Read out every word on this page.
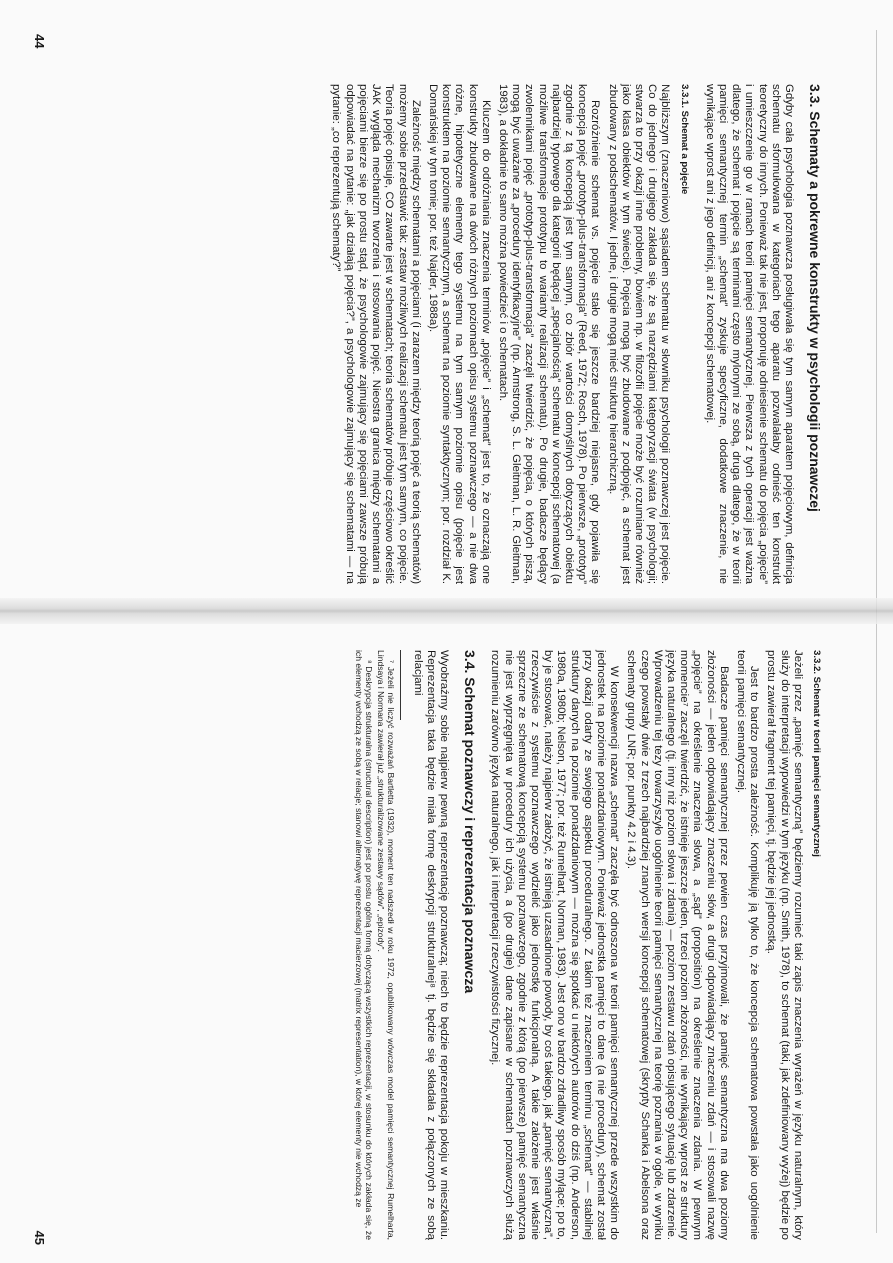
3.3. Schematy a pokrewne konstrukty w psychologii poznawczej
Gdyby cała psychologia poznawcza posługiwała się tym samym aparatem pojęciowym, definicja schematu sformułowana w kategoriach tego aparatu pozwalałaby odnieść ten konstrukt teoretyczny do innych. Ponieważ tak nie jest, proponuję odniesienie schematu do pojęcia „pojęcie” i umieszczenie go w ramach teorii pamięci semantycznej. Pierwsza z tych operacji jest ważna dlatego, że schemat i pojęcie są terminami często mylonymi ze sobą, druga dlatego, że w teorii pamięci semantycznej termin „schemat” zyskuje specyficzne, dodatkowe znaczenie, nie wynikające wprost ani z jego definicji, ani z koncepcji schematowej.
3.3.1. Schemat a pojęcie
Najbliższym (znaczeniowo) sąsiadem schematu w słowniku psychologii poznawczej jest pojęcie. Co do jednego i drugiego zakłada się, że są narzędziami kategoryzacji świata (w psychologii; stwarza to przy okazji inne problemy, bowiem np. w filozofii pojęcie może być rozumiane również jako klasa obiektów w tym świecie). Pojęcia mogą być zbudowane z podpojęć, a schemat jest zbudowany z podschematów. I jedne, i drugie mogą mieć strukturę hierarchiczną.
Rozróżnienie schemat vs. pojęcie stało się jeszcze bardziej niejasne, gdy pojawiła się koncepcja pojęć „prototyp-plus-transformacja” (Reed, 1972; Rosch, 1978). Po pierwsze, „prototyp” zgodnie z tą koncepcją jest tym samym, co zbiór wartości domyślnych dotyczących obiektu najbardziej typowego dla kategorii będącej „specjalnością” schematu w koncepcji schematowej (a możliwe transformacje prototypu to warianty realizacji schematu). Po drugie, badacze będący zwolennikami pojęć „prototyp-plus-transformacja” zaczęli twierdzić, że pojęcia, o których piszą, mogą być uważane za „procedury identyfikacyjne” (np. Armstrong, S. L. Gleitman, L. R. Gleitman, 1983), a dokładnie to samo można powiedzieć i o schematach.
Kluczem do odróżniania znaczenia terminów „pojęcie” i „schemat” jest to, że oznaczają one konstrukty zbudowane na dwóch różnych poziomach opisu systemu poznawczego — a nie dwa różne, hipotetyczne elementy tego systemu na tym samym poziomie opisu (pojęcie jest konstruktem na poziomie semantycznym, a schemat na poziomie syntaktycznym; por. rozdział K. Domańskiej w tym tomie; por. też Najder, 1988a).
Zależność między schematami a pojęciami (i zarazem między teorią pojęć a teorią schematów) możemy sobie przedstawić tak: zestaw możliwych realizacji schematu jest tym samym, co pojęcie. Teoria pojęć opisuje, CO zawarte jest w schematach; teoria schematów próbuje częściowo określić JAK wygląda mechanizm tworzenia i stosowania pojęć. Nieostra granica między schematami a pojęciami bierze się po prostu stąd, że psychologowie zajmujący się pojęciami zawsze próbują odpowiadać na pytanie: „jak działają pojęcia?”, a psychologowie zajmujący się schematami — na pytanie: „co reprezentują schematy?”
44
3.3.2. Schemat w teorii pamięci semantycznej
Jeżeli przez „pamięć semantyczną” będziemy rozumieć taki zapis znaczenia wyrażeń w języku naturalnym, który służy do interpretacji wypowiedzi w tym języku (np. Smith, 1978), to schemat (taki, jak zdefiniowany wyżej) będzie po prostu zawierał fragment tej pamięci, tj. będzie jej jednostką.
Jest to bardzo prosta zależność. Komplikuję ją tylko to, że koncepcja schematowa powstała jako uogólnienie teorii pamięci semantycznej.
Badacze pamięci semantycznej przez pewien czas przyjmowali, że pamięć semantyczna ma dwa poziomy złożoności — jeden odpowiadający znaczeniu słów, a drugi odpowiadający znaczeniu zdań — i stosowali nazwę „pojęcie” na określenie znaczenia słowa, a „sąd” (proposition) na określenie znaczenia zdania. W pewnym momencie⁷ zaczęli twierdzić, że istnieje jeszcze jeden, trzeci poziom złożoności, nie wynikający wprost ze struktury języka naturalnego (tj. inny niż poziom słowa i zdania) — poziom zestawu zdań opisującego sytuację lub zdarzenie. Wprowadzeniu tej tezy towarzyszyło uogólnienie teorii pamięci semantycznej na teorię poznania w ogóle, w wyniku czego powstały dwie z trzech najbardziej znanych wersji koncepcji schematowej (skrypty Schanka i Abelsona oraz schematy grupy LNR; por. punkty 4.2 i 4.3).
W konsekwencji nazwa „schemat” zaczęła być odnoszona w teorii pamięci semantycznej przede wszystkim do jednostek na poziomie ponadzdaniowym. Ponieważ jednostka pamięci to dane (a nie procedury), schemat został przy okazji odarty ze swojego aspektu proceduralnego. Z takim też znaczeniem terminu „schemat” — stabilnej struktury danych na poziomie ponadzdaniowym — można się spotkać u niektórych autorów do dziś (np. Anderson, 1980a, 1980b; Nelson, 1977; por. też Rumelhart, Norman, 1983). Jest ono w bardzo zdradliwy sposób mylące; po to, by je stosować, należy najpierw założyć, że istnieją uzasadnione powody, by coś takiego, jak „pamięć semantyczna”, rzeczywiście z systemu poznawczego wydzielić jako jednostkę funkcjonalną. A takie założenie jest właśnie sprzeczne ze schematową koncepcją systemu poznawczego, zgodnie z którą (po pierwsze) pamięć semantyczna nie jest wyprzęgnięta w procedury ich użycia, a (po drugie) dane zapisane w schematach poznawczych służą rozumieniu zarówno języka naturalnego, jak i interpretacji rzeczywistości fizycznej.
3.4. Schemat poznawczy i reprezentacja poznawcza
Wyobraźmy sobie najpierw pewną reprezentację poznawczą; niech to będzie reprezentacja pokoju w mieszkaniu. Reprezentacja taka będzie miała formę deskrypcji strukturalnej⁸ tj. będzie się składała z połączonych ze sobą relacjami
⁷ Jeżeli nie liczyć rozważań Bartletta (1932), moment ten nadszedł w roku 1972, opublikowany wówczas model pamięci semantycznej Rumelharta, Lindsaya i Normana zawierał już „strukturalizowane zestawy sądów”, „epizody”.
⁸ Deskrypcja strukturalna (structural description) jest po prostu ogólną formą dotyczącą wszystkich reprezentacji, w stosunku do których zakłada się, że ich elementy wchodzą ze sobą w relacje; stanowi alternatywę reprezentacji macierzowej (matrix representation), w której elementy nie wchodzą ze
45
